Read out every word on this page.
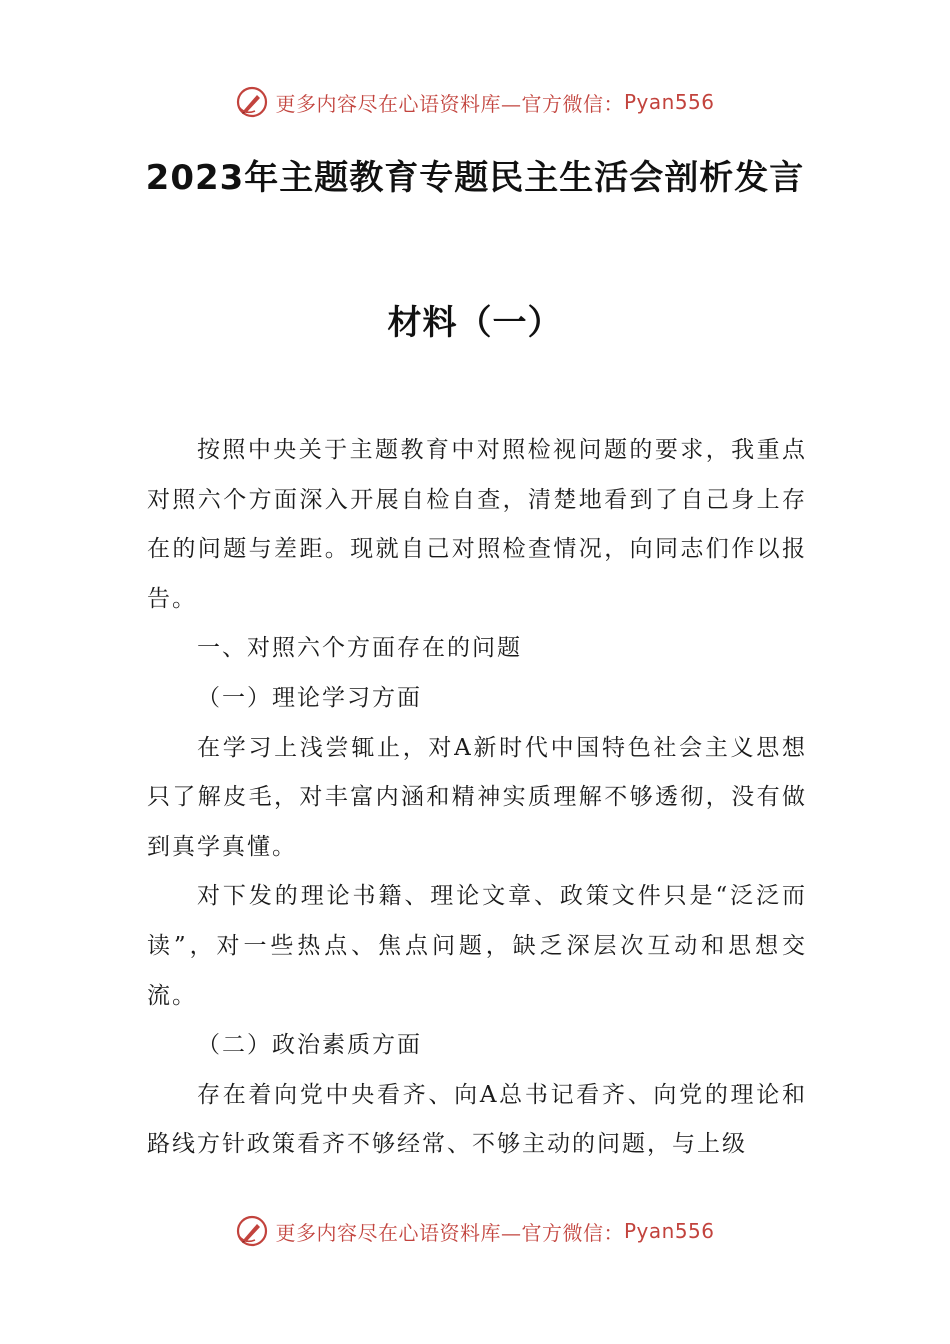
更多内容尽在心语资料库—官方微信： Pyan556
2023年主题教育专题民主生活会剖析发言
材料（一）

按照中央关于主题教育中对照检视问题的要求，我重点对照六个方面深入开展自检自查，清楚地看到了自己身上存在的问题与差距。现就自己对照检查情况，向同志们作以报告。

一、对照六个方面存在的问题

（一）理论学习方面

在学习上浅尝辄止，对A新时代中国特色社会主义思想只了解皮毛，对丰富内涵和精神实质理解不够透彻，没有做到真学真懂。

对下发的理论书籍、理论文章、政策文件只是“泛泛而读”，对一些热点、焦点问题，缺乏深层次互动和思想交流。

（二）政治素质方面

存在着向党中央看齐、向A总书记看齐、向党的理论和路线方针政策看齐不够经常、不够主动的问题，与上级

更多内容尽在心语资料库—官方微信： Pyan556
